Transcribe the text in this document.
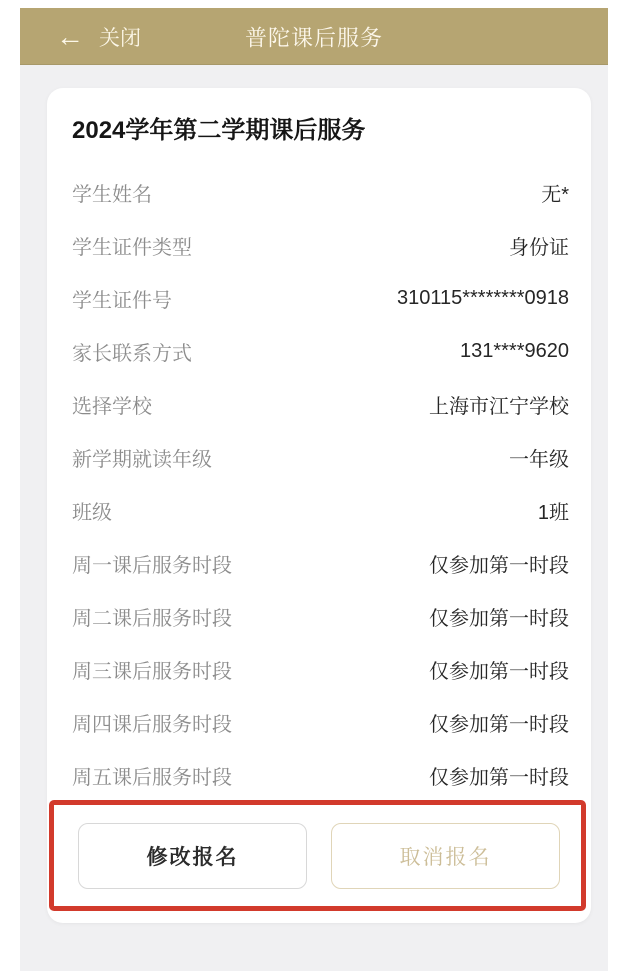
← 关闭	普陀课后服务
2024学年第二学期课后服务
学生姓名	无*
学生证件类型	身份证
学生证件号	310115********0918
家长联系方式	131****9620
选择学校	上海市江宁学校
新学期就读年级	一年级
班级	1班
周一课后服务时段	仅参加第一时段
周二课后服务时段	仅参加第一时段
周三课后服务时段	仅参加第一时段
周四课后服务时段	仅参加第一时段
周五课后服务时段	仅参加第一时段
修改报名	取消报名
